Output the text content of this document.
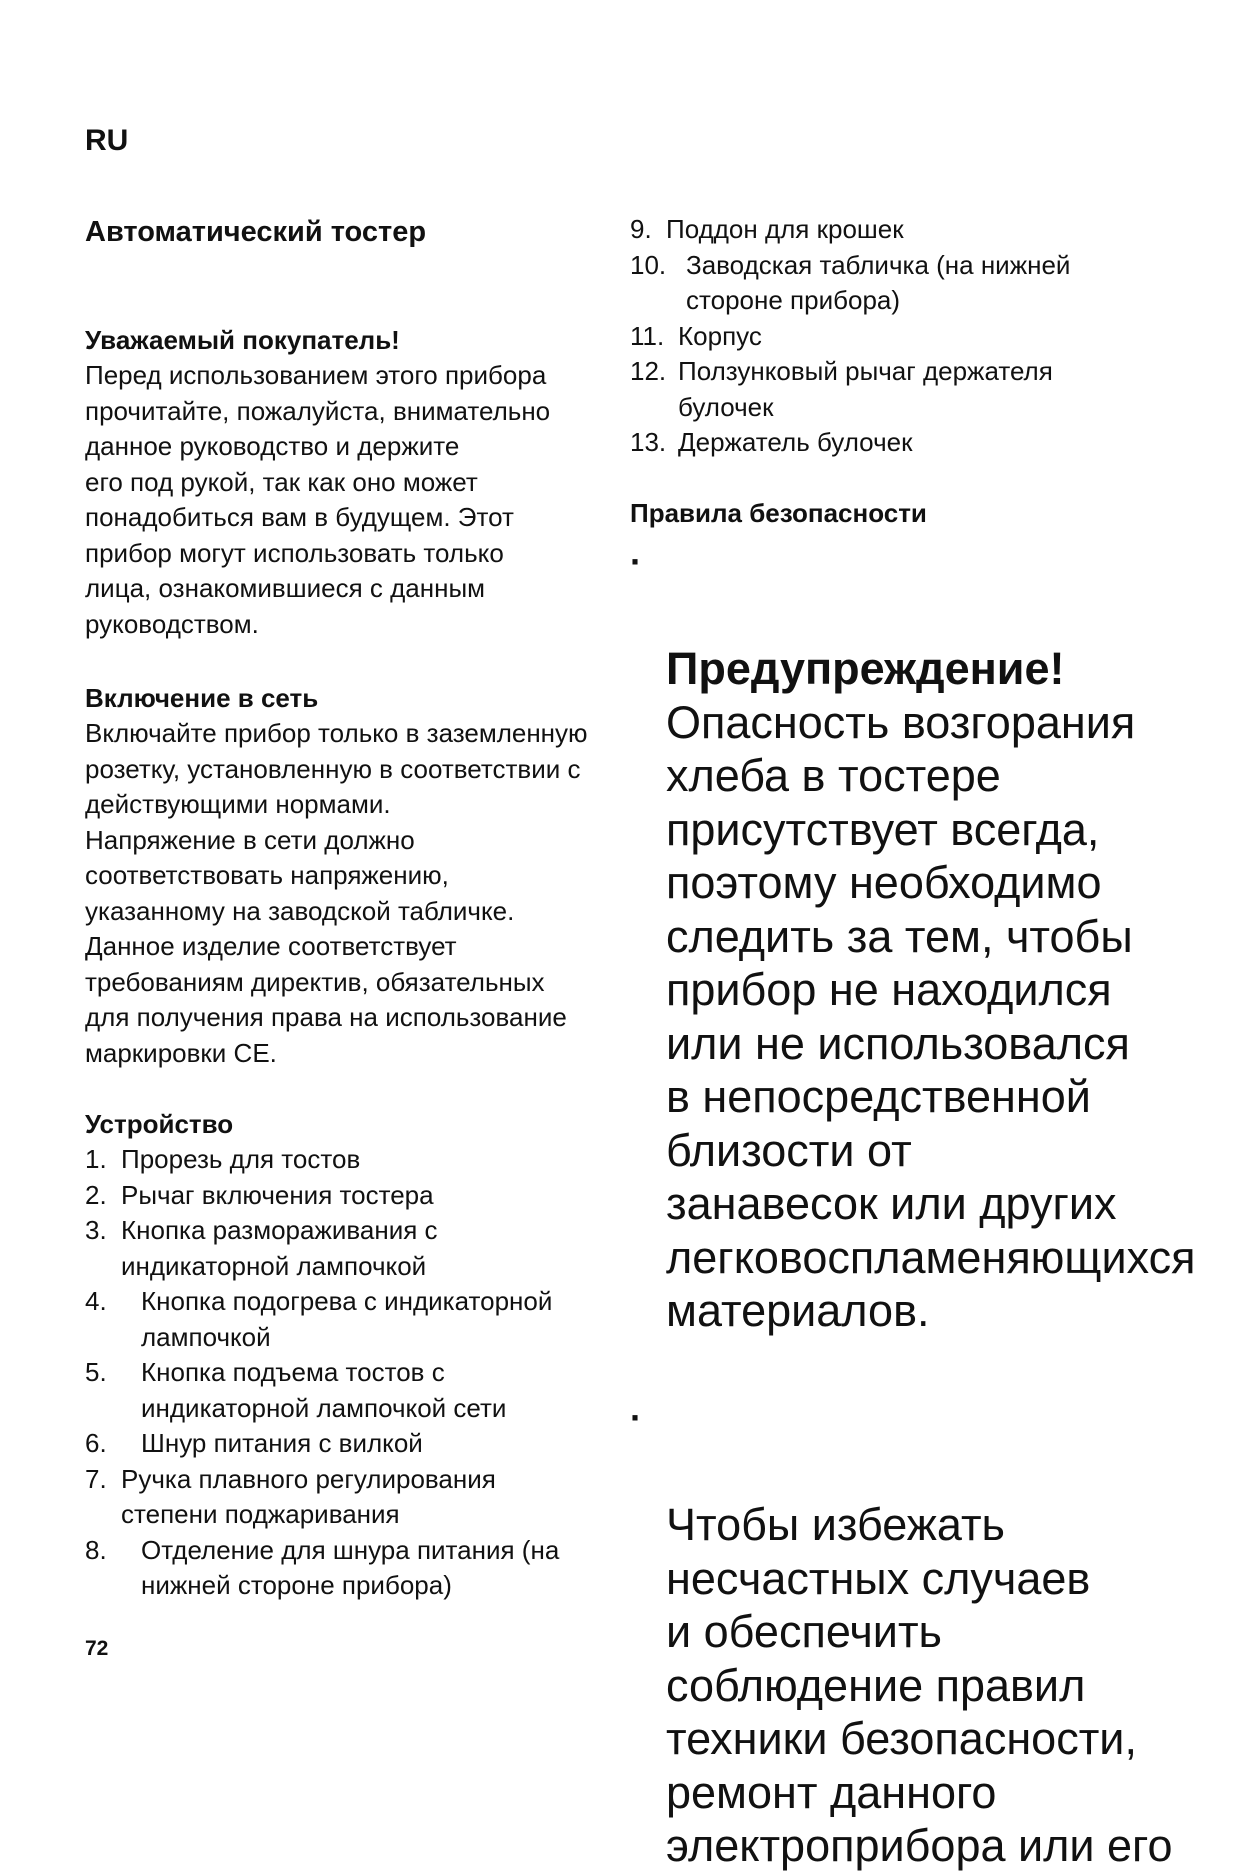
RU

Автоматический тостер
Уважаемый покупатель!

Перед использованием этого прибора
прочитайте, пожалуйста, внимательно
данное руководство и держите
его под рукой, так как оно может
понадобиться вам в будущем. Этот
прибор могут использовать только
лица, ознакомившиеся с данным
руководством.

Включение в сеть

Включайте прибор только в заземленную
розетку, установленную в соответствии с
действующими нормами.
Напряжение в сети должно
соответствовать напряжению,
указанному на заводской табличке.
Данное изделие соответствует
требованиям директив, обязательных
для получения права на использование
маркировки CE.

Устройство
1. Прорезь для тостов
2. Рычаг включения тостера
3. Кнопка размораживания с
индикаторной лампочкой
4. Кнопка подогрева с индикаторной
лампочкой
5. Кнопка подъема тостов с
индикаторной лампочкой сети
6. Шнур питания с вилкой
7. Ручка плавного регулирования
степени поджаривания
8. Отделение для шнура питания (на
нижней стороне прибора)
9. Поддон для крошек
10. Заводская табличка (на нижней
стороне прибора)
11. Корпус
12. Ползунковый рычаг держателя
булочек
13. Держатель булочек
Правила безопасности

·

Предупреждение!

Опасность возгорания
хлеба в тостере
присутствует всегда,
поэтому необходимо
следить за тем, чтобы
прибор не находился
или не использовался
в непосредственной
близости от
занавесок или других
легковоспламеняющихся
материалов.

·

Чтобы избежать
несчастных случаев
и обеспечить
соблюдение правил
техники безопасности,
ремонт данного
электроприбора или его

72
